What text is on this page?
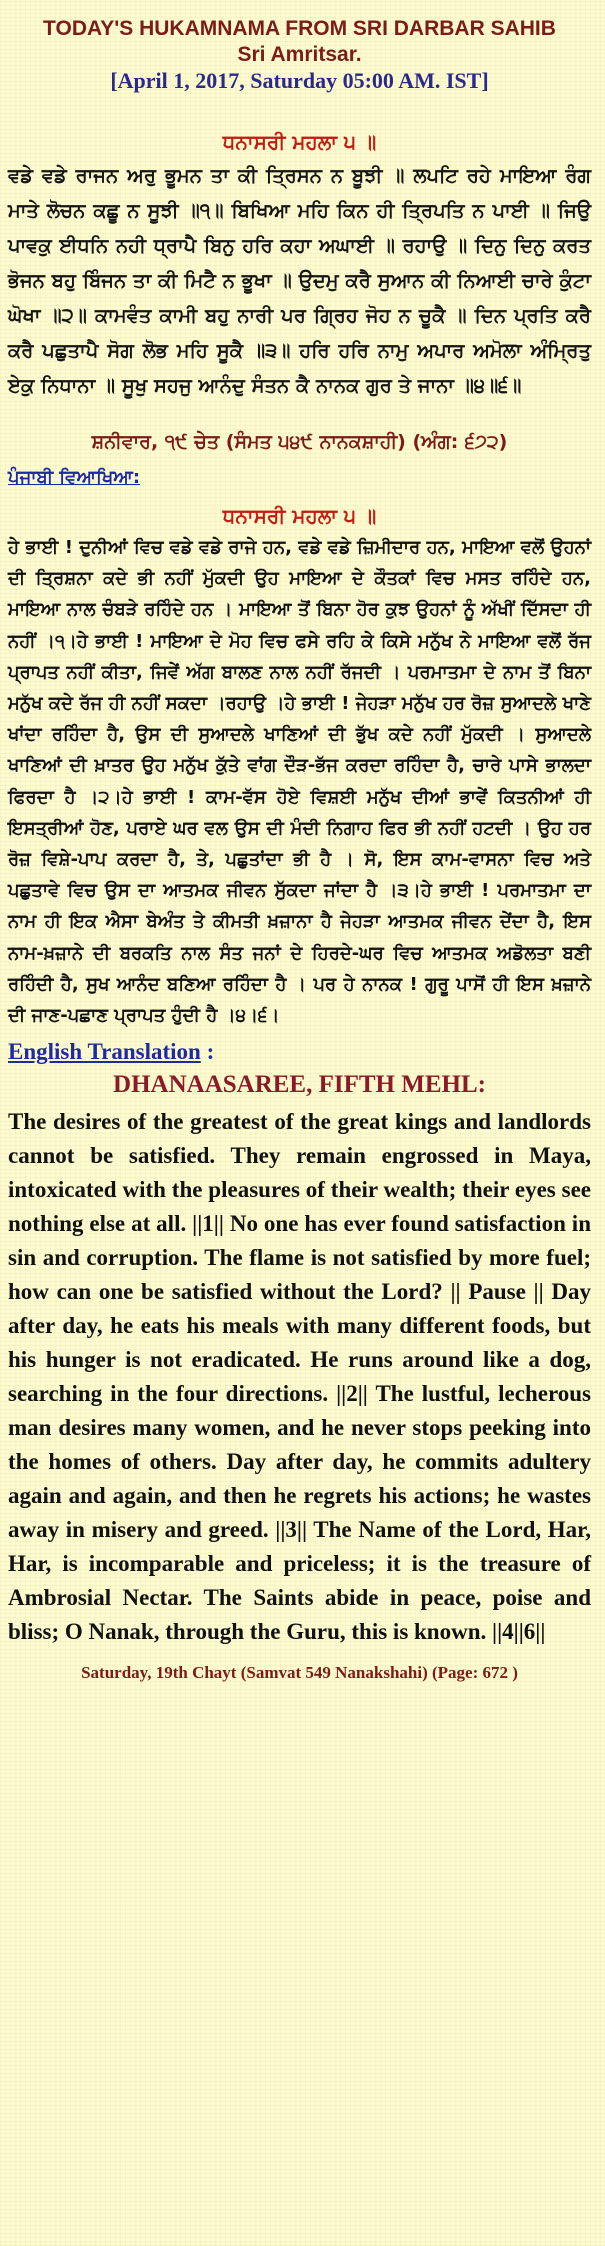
TODAY'S HUKAMNAMA FROM SRI DARBAR SAHIB
Sri Amritsar.
[April 1, 2017, Saturday 05:00 AM. IST]
ਧਨਾਸਰੀ ਮਹਲਾ ੫ ॥
ਵਡੇ ਵਡੇ ਰਾਜਨ ਅਰੁ ਭੂਮਨ ਤਾ ਕੀ ਤ੍ਰਿਸਨ ਨ ਬੂਝੀ ॥ ਲਪਟਿ ਰਹੇ ਮਾਇਆ ਰੰਗ ਮਾਤੇ ਲੋਚਨ ਕਛੂ ਨ ਸੂਝੀ ॥੧॥ ਬਿਖਿਆ ਮਹਿ ਕਿਨ ਹੀ ਤ੍ਰਿਪਤਿ ਨ ਪਾਈ ॥ ਜਿਉ ਪਾਵਕੁ ਈਧਨਿ ਨਹੀ ਧ੍ਰਾਪੈ ਬਿਨੁ ਹਰਿ ਕਹਾ ਅਘਾਈ ॥ ਰਹਾਉ ॥ ਦਿਨੁ ਦਿਨੁ ਕਰਤ ਭੋਜਨ ਬਹੁ ਬਿੰਜਨ ਤਾ ਕੀ ਮਿਟੈ ਨ ਭੂਖਾ ॥ ਉਦਮੁ ਕਰੈ ਸੁਆਨ ਕੀ ਨਿਆਈ ਚਾਰੇ ਕੁੰਟਾ ਘੋਖਾ ॥੨॥ ਕਾਮਵੰਤ ਕਾਮੀ ਬਹੁ ਨਾਰੀ ਪਰ ਗ੍ਰਿਹ ਜੋਹ ਨ ਚੂਕੈ ॥ ਦਿਨ ਪ੍ਰਤਿ ਕਰੈ ਕਰੈ ਪਛੁਤਾਪੈ ਸੋਗ ਲੋਭ ਮਹਿ ਸੂਕੈ ॥੩॥ ਹਰਿ ਹਰਿ ਨਾਮੁ ਅਪਾਰ ਅਮੋਲਾ ਅੰਮ੍ਰਿਤੁ ਏਕੁ ਨਿਧਾਨਾ ॥ ਸੂਖੁ ਸਹਜੁ ਆਨੰਦੁ ਸੰਤਨ ਕੈ ਨਾਨਕ ਗੁਰ ਤੇ ਜਾਨਾ ॥੪॥੬॥
ਸ਼ਨੀਵਾਰ, ੧੯ ਚੇਤ (ਸੰਮਤ ੫੪੯ ਨਾਨਕਸ਼ਾਹੀ) (ਅੰਗ: ੬੭੨)
ਪੰਜਾਬੀ ਵਿਆਖਿਆ:
ਧਨਾਸਰੀ ਮਹਲਾ ੫ ॥
ਹੇ ਭਾਈ ! ਦੁਨੀਆਂ ਵਿਚ ਵਡੇ ਵਡੇ ਰਾਜੇ ਹਨ, ਵਡੇ ਵਡੇ ਜ਼ਿਮੀਦਾਰ ਹਨ, ਮਾਇਆ ਵਲੋਂ ਉਹਨਾਂ ਦੀ ਤ੍ਰਿਸ਼ਨਾ ਕਦੇ ਭੀ ਨਹੀਂ ਮੁੱਕਦੀ ਉਹ ਮਾਇਆ ਦੇ ਕੌਤਕਾਂ ਵਿਚ ਮਸਤ ਰਹਿੰਦੇ ਹਨ, ਮਾਇਆ ਨਾਲ ਚੰਬੜੇ ਰਹਿੰਦੇ ਹਨ । ਮਾਇਆ ਤੋਂ ਬਿਨਾ ਹੋਰ ਕੁਝ ਉਹਨਾਂ ਨੂੰ ਅੱਖੀਂ ਦਿੱਸਦਾ ਹੀ ਨਹੀਂ ।੧।ਹੇ ਭਾਈ ! ਮਾਇਆ ਦੇ ਮੋਹ ਵਿਚ ਫਸੇ ਰਹਿ ਕੇ ਕਿਸੇ ਮਨੁੱਖ ਨੇ ਮਾਇਆ ਵਲੋਂ ਰੱਜ ਪ੍ਰਾਪਤ ਨਹੀਂ ਕੀਤਾ, ਜਿਵੇਂ ਅੱਗ ਬਾਲਣ ਨਾਲ ਨਹੀਂ ਰੱਜਦੀ । ਪਰਮਾਤਮਾ ਦੇ ਨਾਮ ਤੋਂ ਬਿਨਾ ਮਨੁੱਖ ਕਦੇ ਰੱਜ ਹੀ ਨਹੀਂ ਸਕਦਾ ।ਰਹਾਉ ।ਹੇ ਭਾਈ ! ਜੇਹੜਾ ਮਨੁੱਖ ਹਰ ਰੋਜ਼ ਸੁਆਦਲੇ ਖਾਣੇ ਖਾਂਦਾ ਰਹਿੰਦਾ ਹੈ, ਉਸ ਦੀ ਸੁਆਦਲੇ ਖਾਣਿਆਂ ਦੀ ਭੁੱਖ ਕਦੇ ਨਹੀਂ ਮੁੱਕਦੀ । ਸੁਆਦਲੇ ਖਾਣਿਆਂ ਦੀ ਖ਼ਾਤਰ ਉਹ ਮਨੁੱਖ ਕੁੱਤੇ ਵਾਂਗ ਦੌੜ-ਭੱਜ ਕਰਦਾ ਰਹਿੰਦਾ ਹੈ, ਚਾਰੇ ਪਾਸੇ ਭਾਲਦਾ ਫਿਰਦਾ ਹੈ ।੨।ਹੇ ਭਾਈ ! ਕਾਮ-ਵੱਸ ਹੋਏ ਵਿਸ਼ਈ ਮਨੁੱਖ ਦੀਆਂ ਭਾਵੇਂ ਕਿਤਨੀਆਂ ਹੀ ਇਸਤ੍ਰੀਆਂ ਹੋਣ, ਪਰਾਏ ਘਰ ਵਲ ਉਸ ਦੀ ਮੰਦੀ ਨਿਗਾਹ ਫਿਰ ਭੀ ਨਹੀਂ ਹਟਦੀ । ਉਹ ਹਰ ਰੋਜ਼ ਵਿਸ਼ੇ-ਪਾਪ ਕਰਦਾ ਹੈ, ਤੇ, ਪਛੁਤਾਂਦਾ ਭੀ ਹੈ । ਸੋ, ਇਸ ਕਾਮ-ਵਾਸਨਾ ਵਿਚ ਅਤੇ ਪਛੁਤਾਵੇ ਵਿਚ ਉਸ ਦਾ ਆਤਮਕ ਜੀਵਨ ਸੁੱਕਦਾ ਜਾਂਦਾ ਹੈ ।੩।ਹੇ ਭਾਈ ! ਪਰਮਾਤਮਾ ਦਾ ਨਾਮ ਹੀ ਇਕ ਐਸਾ ਬੇਅੰਤ ਤੇ ਕੀਮਤੀ ਖ਼ਜ਼ਾਨਾ ਹੈ ਜੇਹੜਾ ਆਤਮਕ ਜੀਵਨ ਦੇਂਦਾ ਹੈ, ਇਸ ਨਾਮ-ਖ਼ਜ਼ਾਨੇ ਦੀ ਬਰਕਤਿ ਨਾਲ ਸੰਤ ਜਨਾਂ ਦੇ ਹਿਰਦੇ-ਘਰ ਵਿਚ ਆਤਮਕ ਅਡੋਲਤਾ ਬਣੀ ਰਹਿੰਦੀ ਹੈ, ਸੁਖ ਆਨੰਦ ਬਣਿਆ ਰਹਿੰਦਾ ਹੈ । ਪਰ ਹੇ ਨਾਨਕ ! ਗੁਰੂ ਪਾਸੋਂ ਹੀ ਇਸ ਖ਼ਜ਼ਾਨੇ ਦੀ ਜਾਣ-ਪਛਾਣ ਪ੍ਰਾਪਤ ਹੁੰਦੀ ਹੈ ।੪।੬।
English Translation :
DHANAASAREE, FIFTH MEHL:
The desires of the greatest of the great kings and landlords cannot be satisfied. They remain engrossed in Maya, intoxicated with the pleasures of their wealth; their eyes see nothing else at all. ||1|| No one has ever found satisfaction in sin and corruption. The flame is not satisfied by more fuel; how can one be satisfied without the Lord? || Pause || Day after day, he eats his meals with many different foods, but his hunger is not eradicated. He runs around like a dog, searching in the four directions. ||2|| The lustful, lecherous man desires many women, and he never stops peeking into the homes of others. Day after day, he commits adultery again and again, and then he regrets his actions; he wastes away in misery and greed. ||3|| The Name of the Lord, Har, Har, is incomparable and priceless; it is the treasure of Ambrosial Nectar. The Saints abide in peace, poise and bliss; O Nanak, through the Guru, this is known. ||4||6||
Saturday, 19th Chayt (Samvat 549 Nanakshahi) (Page: 672 )
